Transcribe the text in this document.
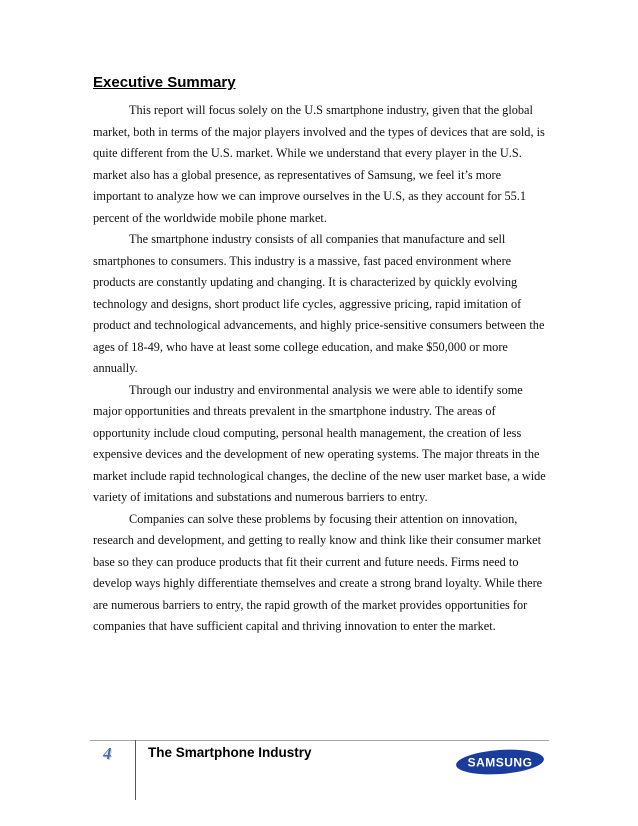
Executive Summary

This report will focus solely on the U.S smartphone industry, given that the global market, both in terms of the major players involved and the types of devices that are sold, is quite different from the U.S. market. While we understand that every player in the U.S. market also has a global presence, as representatives of Samsung, we feel it’s more important to analyze how we can improve ourselves in the U.S, as they account for 55.1 percent of the worldwide mobile phone market.

The smartphone industry consists of all companies that manufacture and sell smartphones to consumers. This industry is a massive, fast paced environment where products are constantly updating and changing. It is characterized by quickly evolving technology and designs, short product life cycles, aggressive pricing, rapid imitation of product and technological advancements, and highly price-sensitive consumers between the ages of 18-49, who have at least some college education, and make $50,000 or more annually.

Through our industry and environmental analysis we were able to identify some major opportunities and threats prevalent in the smartphone industry. The areas of opportunity include cloud computing, personal health management, the creation of less expensive devices and the development of new operating systems. The major threats in the market include rapid technological changes, the decline of the new user market base, a wide variety of imitations and substations and numerous barriers to entry.

Companies can solve these problems by focusing their attention on innovation, research and development, and getting to really know and think like their consumer market base so they can produce products that fit their current and future needs. Firms need to develop ways highly differentiate themselves and create a strong brand loyalty. While there are numerous barriers to entry, the rapid growth of the market provides opportunities for companies that have sufficient capital and thriving innovation to enter the market.

4	The Smartphone Industry
SAMSUNG
